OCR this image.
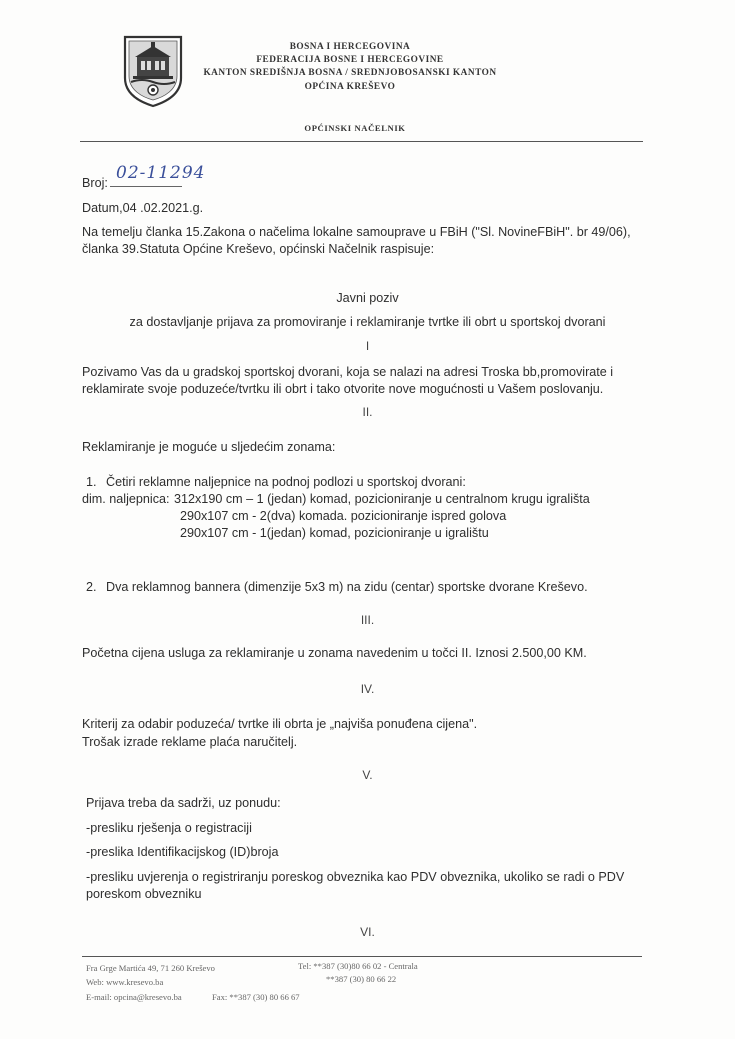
BOSNA I HERCEGOVINA
FEDERACIJA BOSNE I HERCEGOVINE
KANTON SREDIŠNJA BOSNA / SREDNJOBOSANSKI KANTON
OPĆINA KREŠEVO
OPĆINSKI NAČELNIK
Broj: 02-11294
Datum,04 .02.2021.g.
Na temelju članka 15.Zakona o načelima lokalne samouprave u FBiH ("Sl. NovineFBiH". br 49/06),
članka 39.Statuta Općine Kreševo, općinski Načelnik raspisuje:
Javni poziv
za dostavljanje prijava za promoviranje i reklamiranje tvrtke ili obrt u sportskoj dvorani
I
Pozivamo Vas da u gradskoj sportskoj dvorani, koja se nalazi na adresi Troska bb,promovirate i
reklamirate svoje poduzeće/tvrtku ili obrt i tako otvorite nove mogućnosti u Vašem poslovanju.
II.
Reklamiranje je moguće u sljedećim zonama:
1. Četiri reklamne naljepnice na podnoj podlozi u sportskoj dvorani:
dim. naljepnica: 312x190 cm – 1 (jedan) komad, pozicioniranje u centralnom krugu igrališta
290x107 cm - 2(dva) komada. pozicioniranje ispred golova
290x107 cm - 1(jedan) komad, pozicioniranje u igralištu
2. Dva reklamnog bannera (dimenzije 5x3 m) na zidu (centar) sportske dvorane Kreševo.
III.
Početna cijena usluga za reklamiranje u zonama navedenim u točci II. Iznosi 2.500,00 KM.
IV.
Kriterij za odabir poduzeća/ tvrtke ili obrta je „najviša ponuđena cijena".
Trošak izrade reklame plaća naručitelj.
V.
Prijava treba da sadrži, uz ponudu:
-presliku rješenja o registraciji
-preslika Identifikacijskog (ID)broja
-presliku uvjerenja o registriranju poreskog obveznika kao PDV obveznika, ukoliko se radi o PDV
poreskom obvezniku
VI.
Fra Grge Martića 49, 71 260 Kreševo
Web: www.kresevo.ba
E-mail: opcina@kresevo.ba	Fax: **387 (30) 80 66 67
Tel: **387 (30)80 66 02 - Centrala
**387 (30) 80 66 22
